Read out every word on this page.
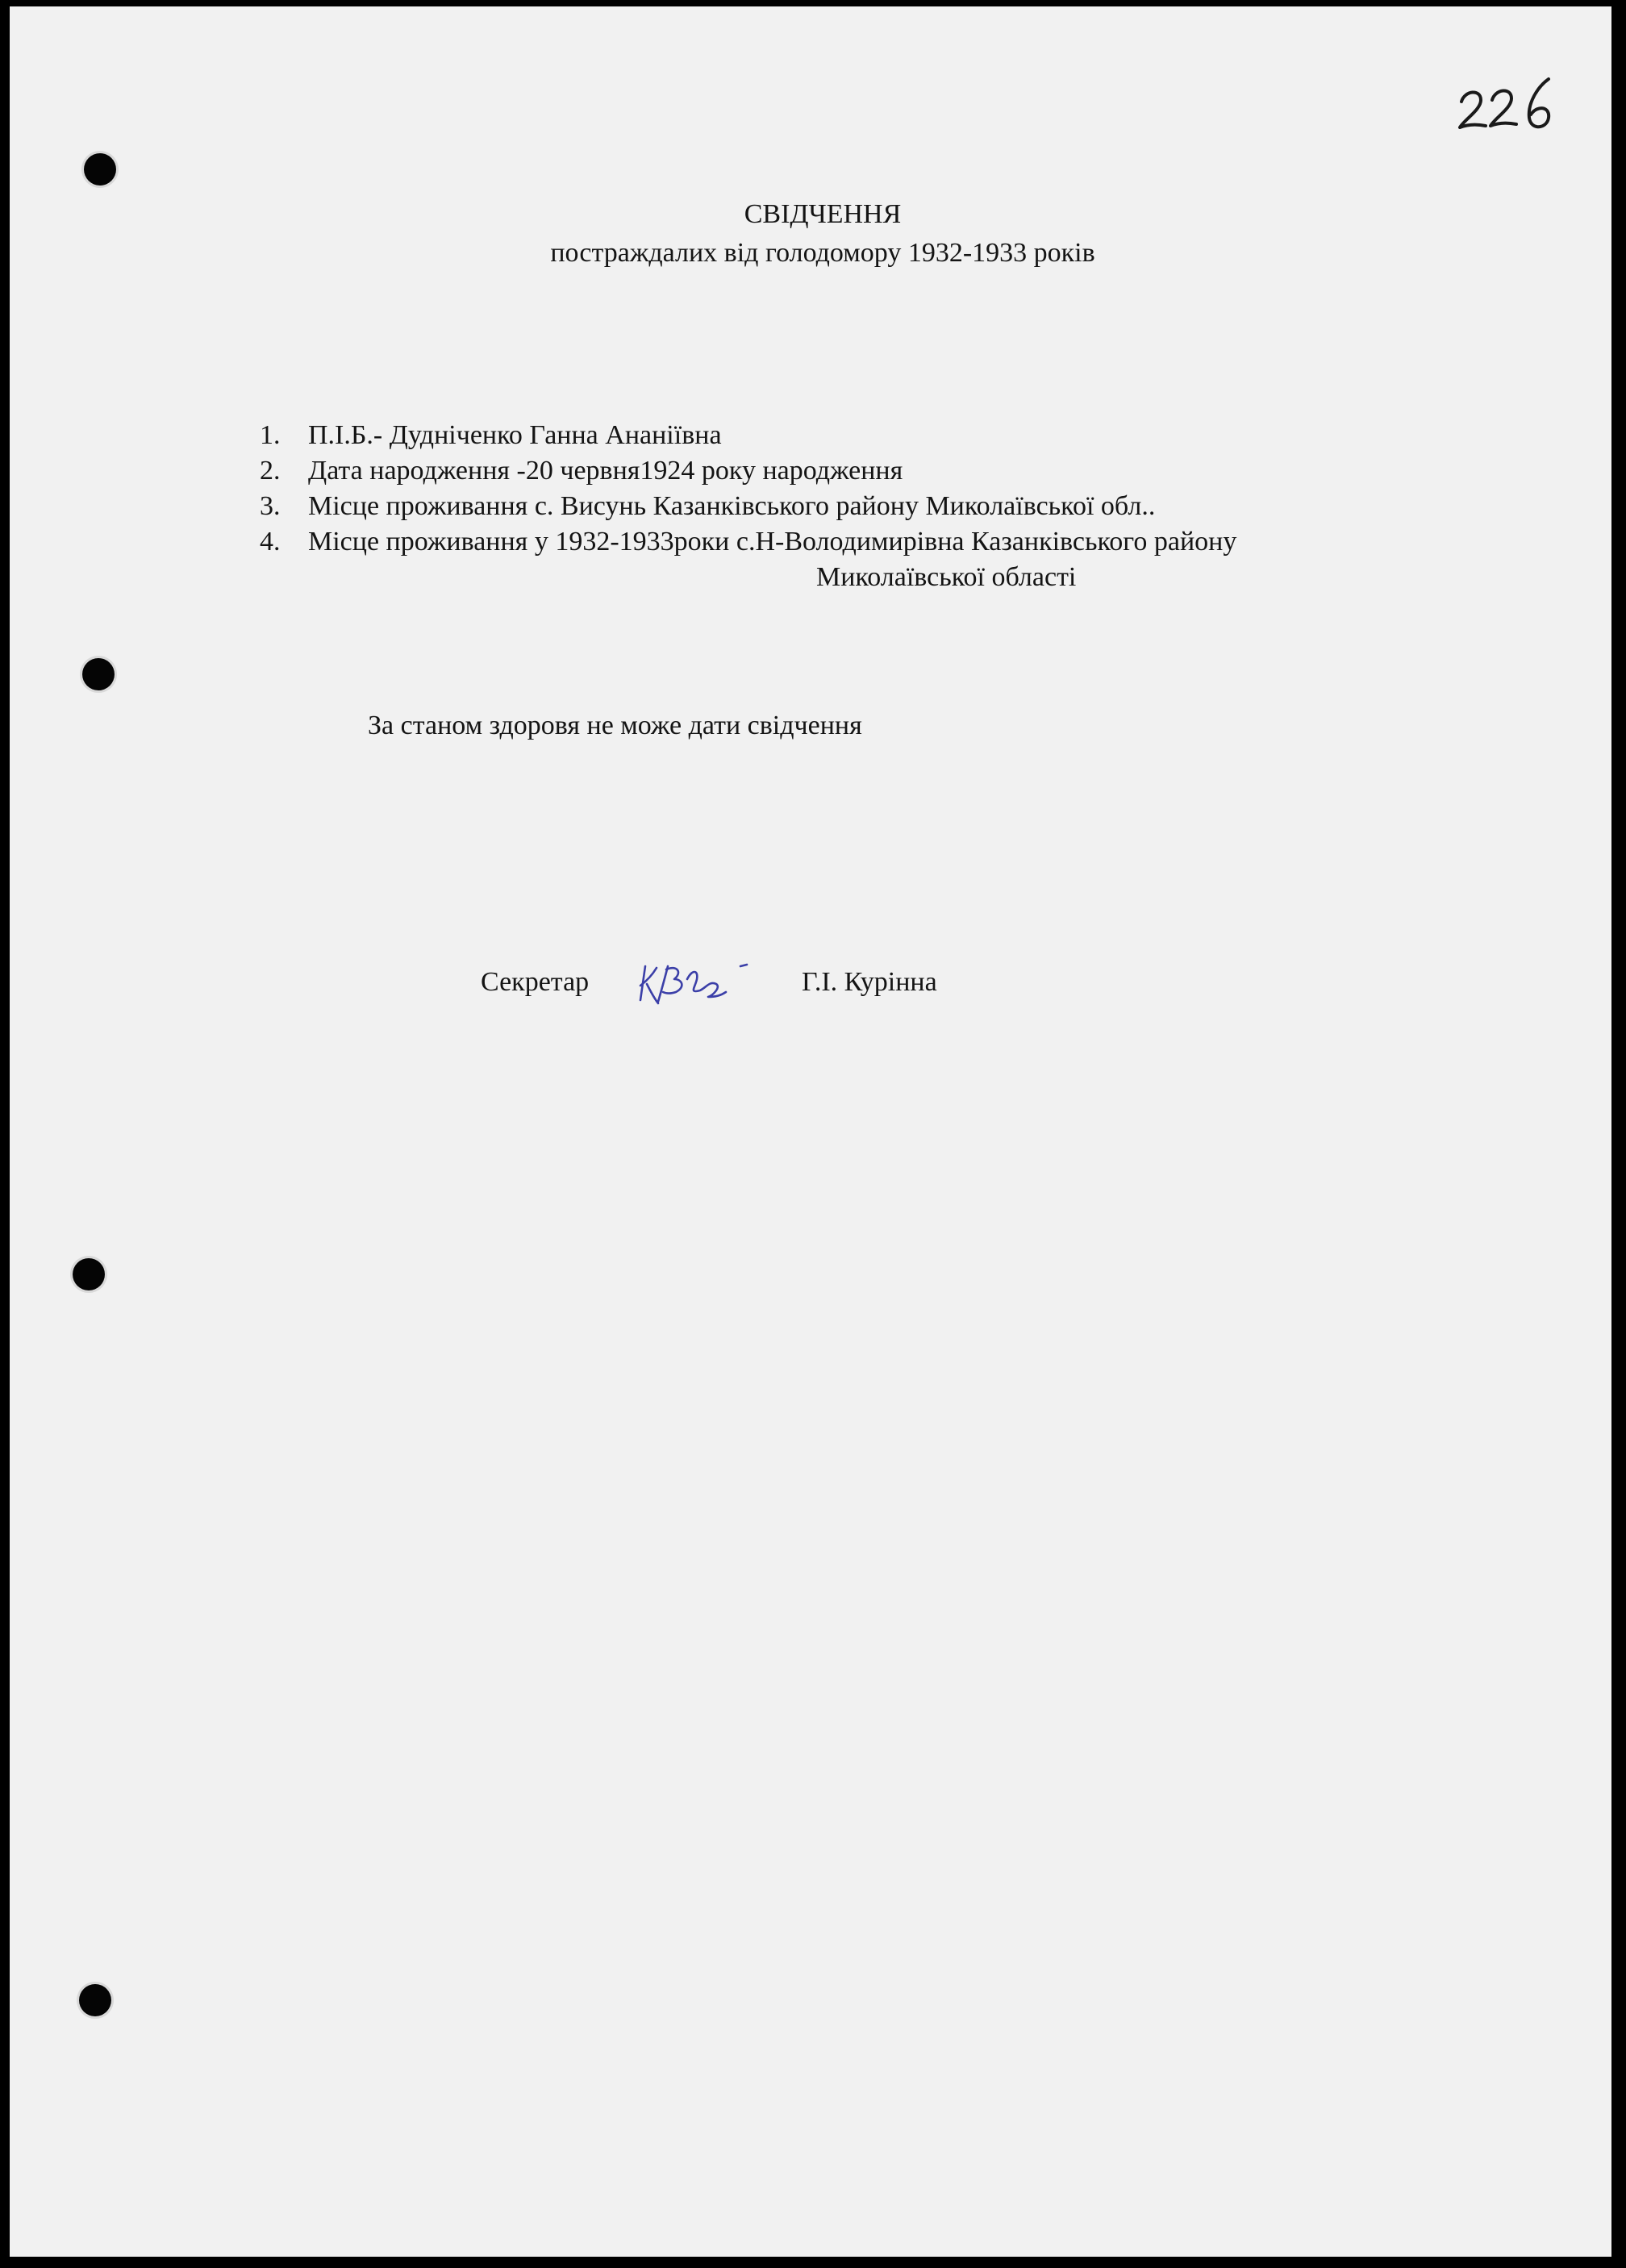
СВІДЧЕННЯ
постраждалих від голодомору 1932-1933 років
1.	П.І.Б.- Дудніченко Ганна Ананіївна
2.	Дата народження -20 червня1924 року народження
3.	Місце проживання с. Висунь Казанківського району Миколаївської обл..
4.	Місце проживання у 1932-1933роки с.Н-Володимирівна Казанківського району
Миколаївської області
За станом здоровя не може дати свідчення
Секретар	Г.І. Курінна
